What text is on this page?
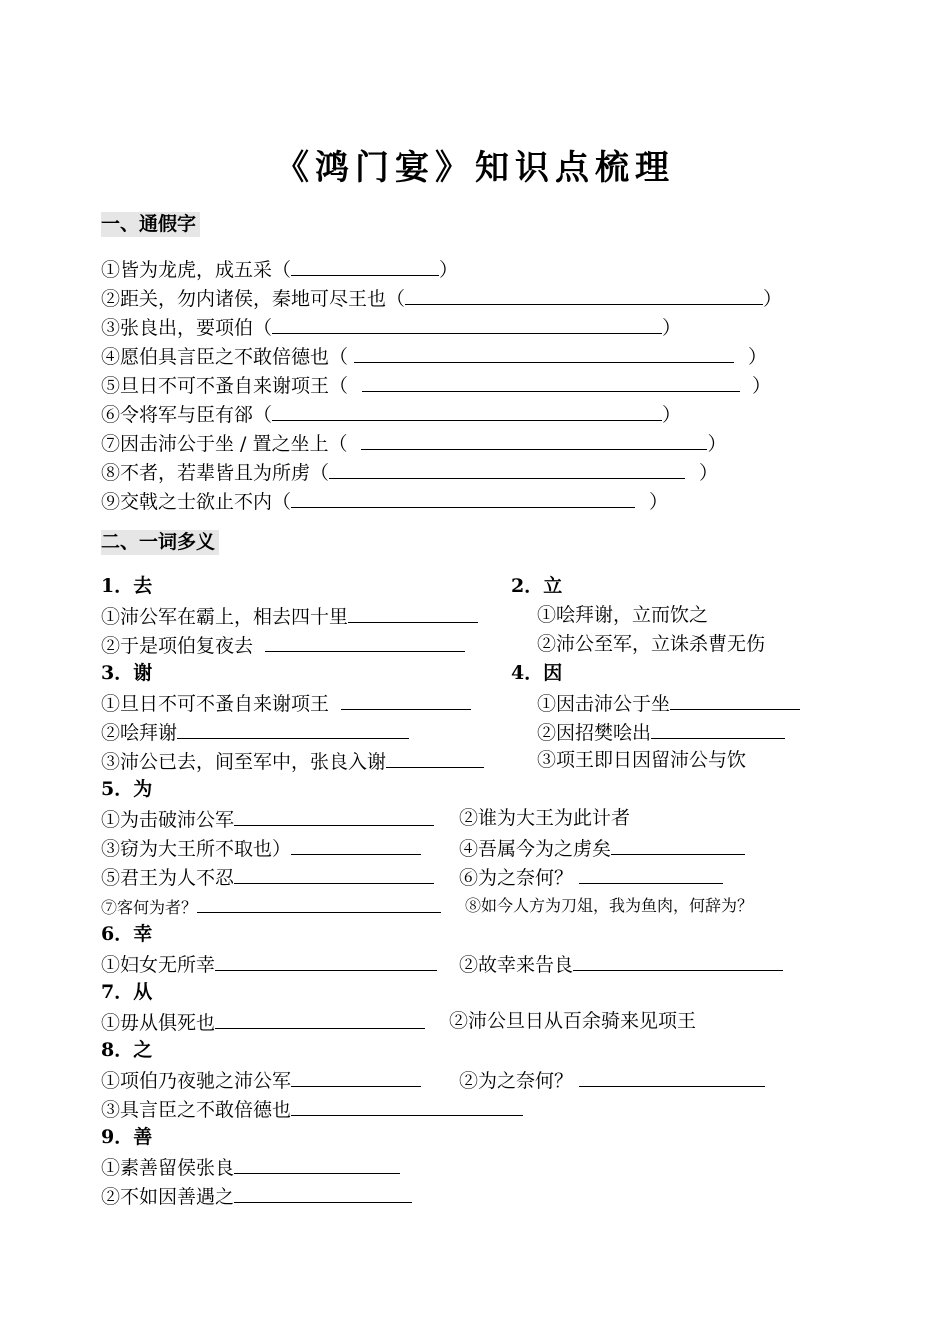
《鸿门宴》知识点梳理
一、通假字
①皆为龙虎，成五采（	）
②距关，勿内诸侯，秦地可尽王也（	）
③张良出，要项伯（	）
④愿伯具言臣之不敢倍德也（	）
⑤旦日不可不蚤自来谢项王（	）
⑥令将军与臣有郤（	）
⑦因击沛公于坐 / 置之坐上（	）
⑧不者，若辈皆且为所虏（	）
⑨交戟之士欲止不内（	）
二、一词多义
1．去	2．立
①沛公军在霸上，相去四十里	①哙拜谢，立而饮之
②于是项伯复夜去	②沛公至军，立诛杀曹无伤
3．谢	4．因
①旦日不可不蚤自来谢项王	①因击沛公于坐
②哙拜谢	②因招樊哙出
③沛公已去，间至军中，张良入谢	③项王即日因留沛公与饮
5．为
①为击破沛公军	②谁为大王为此计者
③窃为大王所不取也）	④吾属今为之虏矣
⑤君王为人不忍	⑥为之奈何？
⑦客何为者？	⑧如今人方为刀俎，我为鱼肉，何辞为？
6．幸
①妇女无所幸	②故幸来告良
7．从
①毋从俱死也	②沛公旦日从百余骑来见项王
8．之
①项伯乃夜驰之沛公军	②为之奈何？
③具言臣之不敢倍德也
9．善
①素善留侯张良
②不如因善遇之
